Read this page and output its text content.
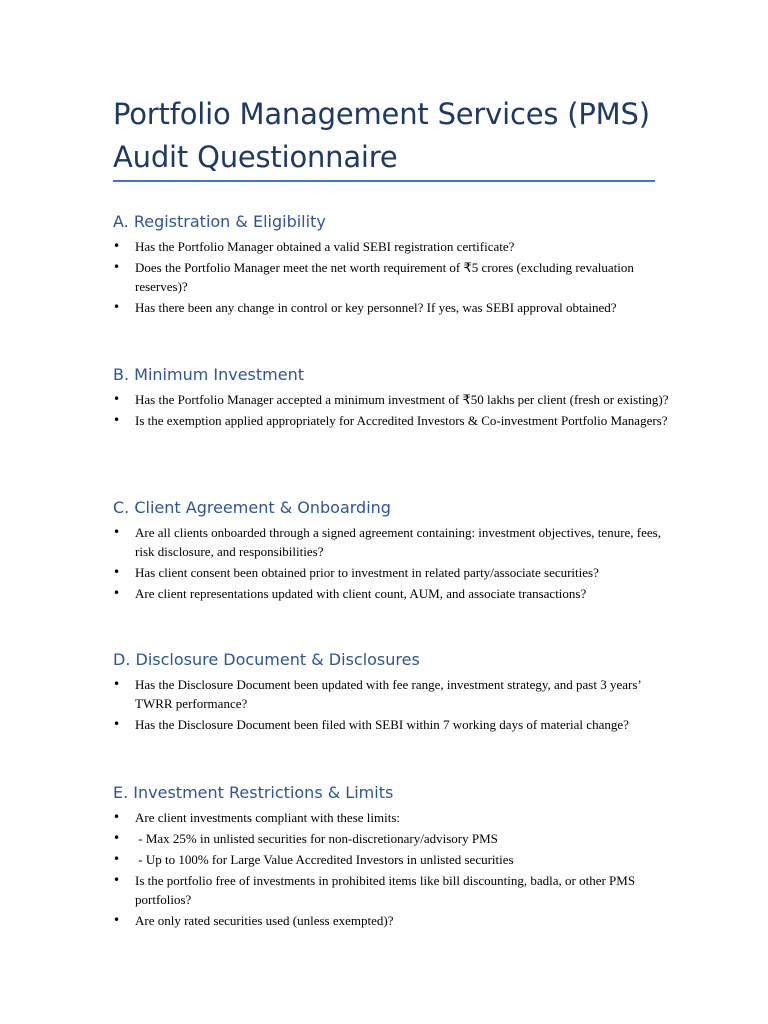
Portfolio Management Services (PMS)
Audit Questionnaire
A. Registration & Eligibility
• Has the Portfolio Manager obtained a valid SEBI registration certificate?
• Does the Portfolio Manager meet the net worth requirement of ₹5 crores (excluding revaluation reserves)?
• Has there been any change in control or key personnel? If yes, was SEBI approval obtained?
B. Minimum Investment
• Has the Portfolio Manager accepted a minimum investment of ₹50 lakhs per client (fresh or existing)?
• Is the exemption applied appropriately for Accredited Investors & Co-investment Portfolio Managers?
C. Client Agreement & Onboarding
• Are all clients onboarded through a signed agreement containing: investment objectives, tenure, fees, risk disclosure, and responsibilities?
• Has client consent been obtained prior to investment in related party/associate securities?
• Are client representations updated with client count, AUM, and associate transactions?
D. Disclosure Document & Disclosures
• Has the Disclosure Document been updated with fee range, investment strategy, and past 3 years’ TWRR performance?
• Has the Disclosure Document been filed with SEBI within 7 working days of material change?
E. Investment Restrictions & Limits
• Are client investments compliant with these limits:
• - Max 25% in unlisted securities for non-discretionary/advisory PMS
• - Up to 100% for Large Value Accredited Investors in unlisted securities
• Is the portfolio free of investments in prohibited items like bill discounting, badla, or other PMS portfolios?
• Are only rated securities used (unless exempted)?
